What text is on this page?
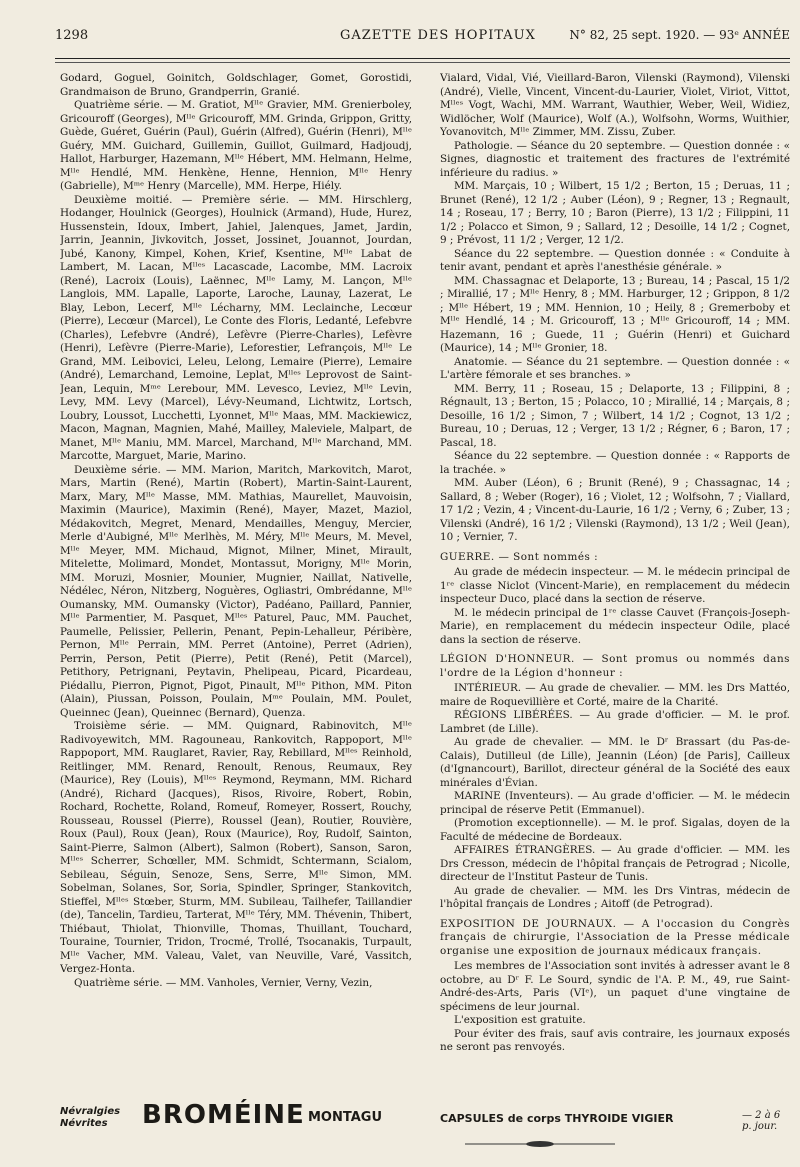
1298	GAZETTE DES HOPITAUX	N° 82, 25 sept. 1920. — 93ᵉ ANNÉE

Godard, Goguel, Goinitch, Goldschlager, Gomet, Gorostidi, Grandmaison de Bruno, Grandperrin, Granié.

Quatrième série. — M. Gratiot, Mˡˡᵉ Gravier, MM. Grenierboley, Gricouroff (Georges), Mˡˡᵉ Gricouroff, MM. Grinda, Grippon, Gritty, Guède, Guéret, Guérin (Paul), Guérin (Alfred), Guérin (Henri), Mˡˡᵉ Guéry, MM. Guichard, Guillemin, Guillot, Guilmard, Hadjoudj, Hallot, Harburger, Hazemann, Mˡˡᵉ Hébert, MM. Helmann, Helme, Mˡˡᵉ Hendlé, MM. Henkène, Henne, Hennion, Mˡˡᵉ Henry (Gabrielle), Mᵐᵉ Henry (Marcelle), MM. Herpe, Hiély.

Deuxième moitié. — Première série. — MM. Hirschlerg, Hodanger, Houlnick (Georges), Houlnick (Armand), Hude, Hurez, Hussenstein, Idoux, Imbert, Jahiel, Jalenques, Jamet, Jardin, Jarrin, Jeannin, Jivkovitch, Josset, Jossinet, Jouannot, Jourdan, Jubé, Kanony, Kimpel, Kohen, Krief, Ksentine, Mˡˡᵉ Labat de Lambert, M. Lacan, Mˡˡᵉˢ Lacascade, Lacombe, MM. Lacroix (René), Lacroix (Louis), Laënnec, Mˡˡᵉ Lamy, M. Lançon, Mˡˡᵉ Langlois, MM. Lapalle, Laporte, Laroche, Launay, Lazerat, Le Blay, Lebon, Lecerf, Mˡˡᵉ Lécharny, MM. Leclainche, Lecœur (Pierre), Lecœur (Marcel), Le Conte des Floris, Ledanté, Lefebvre (Charles), Lefebvre (André), Lefèvre (Pierre-Charles), Lefèvre (Henri), Lefèvre (Pierre-Marie), Leforestier, Lefrançois, Mˡˡᵉ Le Grand, MM. Leibovici, Leleu, Lelong, Lemaire (Pierre), Lemaire (André), Lemarchand, Lemoine, Leplat, Mˡˡᵉˢ Leprovost de Saint-Jean, Lequin, Mᵐᵉ Lerebour, MM. Levesco, Leviez, Mˡˡᵉ Levin, Levy, MM. Levy (Marcel), Lévy-Neumand, Lichtwitz, Lortsch, Loubry, Loussot, Lucchetti, Lyonnet, Mˡˡᵉ Maas, MM. Mackiewicz, Macon, Magnan, Magnien, Mahé, Mailley, Maleviele, Malpart, de Manet, Mˡˡᵉ Maniu, MM. Marcel, Marchand, Mˡˡᵉ Marchand, MM. Marcotte, Marguet, Marie, Marino.

Deuxième série. — MM. Marion, Maritch, Markovitch, Marot, Mars, Martin (René), Martin (Robert), Martin-Saint-Laurent, Marx, Mary, Mˡˡᵉ Masse, MM. Mathias, Maurellet, Mauvoisin, Maximin (Maurice), Maximin (René), Mayer, Mazet, Maziol, Médakovitch, Megret, Menard, Mendailles, Menguy, Mercier, Merle d'Aubigné, Mˡˡᵉ Merlhès, M. Méry, Mˡˡᵉ Meurs, M. Mevel, Mˡˡᵉ Meyer, MM. Michaud, Mignot, Milner, Minet, Mirault, Mitelette, Molimard, Mondet, Montassut, Morigny, Mˡˡᵉ Morin, MM. Moruzi, Mosnier, Mounier, Mugnier, Naillat, Nativelle, Nédélec, Néron, Nitzberg, Noguères, Ogliastri, Ombrédanne, Mˡˡᵉ Oumansky, MM. Oumansky (Victor), Padéano, Paillard, Pannier, Mˡˡᵉ Parmentier, M. Pasquet, Mˡˡᵉˢ Paturel, Pauc, MM. Pauchet, Paumelle, Pelissier, Pellerin, Penant, Pepin-Lehalleur, Péribère, Pernon, Mˡˡᵉ Perrain, MM. Perret (Antoine), Perret (Adrien), Perrin, Person, Petit (Pierre), Petit (René), Petit (Marcel), Petithory, Petrignani, Peytavin, Phelipeau, Picard, Picardeau, Piédallu, Pierron, Pignot, Pigot, Pinault, Mˡˡᵉ Pithon, MM. Piton (Alain), Piussan, Poisson, Poulain, Mᵐᵉ Poulain, MM. Poulet, Queinnec (Jean), Queinnec (Bernard), Quenza.

Troisième série. — MM. Quignard, Rabinovitch, Mˡˡᵉ Radivoyewitch, MM. Ragouneau, Rankovitch, Rappoport, Mˡˡᵉ Rappoport, MM. Rauglaret, Ravier, Ray, Rebillard, Mˡˡᵉˢ Reinhold, Reitlinger, MM. Renard, Renoult, Renous, Reumaux, Rey (Maurice), Rey (Louis), Mˡˡᵉˢ Reymond, Reymann, MM. Richard (André), Richard (Jacques), Risos, Rivoire, Robert, Robin, Rochard, Rochette, Roland, Romeuf, Romeyer, Rossert, Rouchy, Rousseau, Roussel (Pierre), Roussel (Jean), Routier, Rouvière, Roux (Paul), Roux (Jean), Roux (Maurice), Roy, Rudolf, Sainton, Saint-Pierre, Salmon (Albert), Salmon (Robert), Sanson, Saron, Mˡˡᵉˢ Scherrer, Schœller, MM. Schmidt, Schtermann, Scialom, Sebileau, Séguin, Senoze, Sens, Serre, Mˡˡᵉ Simon, MM. Sobelman, Solanes, Sor, Soria, Spindler, Springer, Stankovitch, Stieffel, Mˡˡᵉˢ Stœber, Sturm, MM. Subileau, Tailhefer, Taillandier (de), Tancelin, Tardieu, Tarterat, Mˡˡᵉ Téry, MM. Thévenin, Thibert, Thiébaut, Thiolat, Thionville, Thomas, Thuillant, Touchard, Touraine, Tournier, Tridon, Trocmé, Trollé, Tsocanakis, Turpault, Mˡˡᵉ Vacher, MM. Valeau, Valet, van Neuville, Varé, Vassitch, Vergez-Honta.

Quatrième série. — MM. Vanholes, Vernier, Verny, Vezin,

Vialard, Vidal, Vié, Vieillard-Baron, Vilenski (Raymond), Vilenski (André), Vielle, Vincent, Vincent-du-Laurier, Violet, Viriot, Vittot, Mˡˡᵉˢ Vogt, Wachi, MM. Warrant, Wauthier, Weber, Weil, Widiez, Widlöcher, Wolf (Maurice), Wolf (A.), Wolfsohn, Worms, Wuithier, Yovanovitch, Mˡˡᵉ Zimmer, MM. Zissu, Zuber.

Pathologie. — Séance du 20 septembre. — Question donnée : « Signes, diagnostic et traitement des fractures de l'extrémité inférieure du radius. »

MM. Marçais, 10 ; Wilbert, 15 1/2 ; Berton, 15 ; Deruas, 11 ; Brunet (René), 12 1/2 ; Auber (Léon), 9 ; Regner, 13 ; Regnault, 14 ; Roseau, 17 ; Berry, 10 ; Baron (Pierre), 13 1/2 ; Filippini, 11 1/2 ; Polacco et Simon, 9 ; Sallard, 12 ; Desoille, 14 1/2 ; Cognet, 9 ; Prévost, 11 1/2 ; Verger, 12 1/2.

Séance du 22 septembre. — Question donnée : « Conduite à tenir avant, pendant et après l'anesthésie générale. »

MM. Chassagnac et Delaporte, 13 ; Bureau, 14 ; Pascal, 15 1/2 ; Mirallié, 17 ; Mˡˡᵉ Henry, 8 ; MM. Harburger, 12 ; Grippon, 8 1/2 ; Mˡˡᵉ Hébert, 19 ; MM. Hennion, 10 ; Heily, 8 ; Gremerboby et Mˡˡᵉ Hendlé, 14 ; M. Gricouroff, 13 ; Mˡˡᵉ Gricouroff, 14 ; MM. Hazemann, 16 ; Guede, 11 ; Guérin (Henri) et Guichard (Maurice), 14 ; Mˡˡᵉ Gronier, 18.

Anatomie. — Séance du 21 septembre. — Question donnée : « L'artère fémorale et ses branches. »

MM. Berry, 11 ; Roseau, 15 ; Delaporte, 13 ; Filippini, 8 ; Régnault, 13 ; Berton, 15 ; Polacco, 10 ; Mirallié, 14 ; Marçais, 8 ; Desoille, 16 1/2 ; Simon, 7 ; Wilbert, 14 1/2 ; Cognot, 13 1/2 ; Bureau, 10 ; Deruas, 12 ; Verger, 13 1/2 ; Régner, 6 ; Baron, 17 ; Pascal, 18.

Séance du 22 septembre. — Question donnée : « Rapports de la trachée. »

MM. Auber (Léon), 6 ; Brunit (René), 9 ; Chassagnac, 14 ; Sallard, 8 ; Weber (Roger), 16 ; Violet, 12 ; Wolfsohn, 7 ; Viallard, 17 1/2 ; Vezin, 4 ; Vincent-du-Laurie, 16 1/2 ; Verny, 6 ; Zuber, 13 ; Vilenski (André), 16 1/2 ; Vilenski (Raymond), 13 1/2 ; Weil (Jean), 10 ; Vernier, 7.

GUERRE. — Sont nommés :

Au grade de médecin inspecteur. — M. le médecin principal de 1ʳᵉ classe Niclot (Vincent-Marie), en remplacement du médecin inspecteur Duco, placé dans la section de réserve.

M. le médecin principal de 1ʳᵉ classe Cauvet (François-Joseph-Marie), en remplacement du médecin inspecteur Odile, placé dans la section de réserve.

LÉGION D'HONNEUR. — Sont promus ou nommés dans l'ordre de la Légion d'honneur :

INTÉRIEUR. — Au grade de chevalier. — MM. les Drs Mattéo, maire de Roquevillière et Corté, maire de la Charité.

RÉGIONS LIBÉRÉES. — Au grade d'officier. — M. le prof. Lambret (de Lille).

Au grade de chevalier. — MM. le Dʳ Brassart (du Pas-de-Calais), Dutilleul (de Lille), Jeannin (Léon) [de Paris], Cailleux (d'Ignancourt), Barillot, directeur général de la Société des eaux minérales d'Évian.

MARINE (Inventeurs). — Au grade d'officier. — M. le médecin principal de réserve Petit (Emmanuel).

(Promotion exceptionnelle). — M. le prof. Sigalas, doyen de la Faculté de médecine de Bordeaux.

AFFAIRES ÉTRANGÈRES. — Au grade d'officier. — MM. les Drs Cresson, médecin de l'hôpital français de Petrograd ; Nicolle, directeur de l'Institut Pasteur de Tunis.

Au grade de chevalier. — MM. les Drs Vintras, médecin de l'hôpital français de Londres ; Aitoff (de Petrograd).

EXPOSITION DE JOURNAUX. — A l'occasion du Congrès français de chirurgie, l'Association de la Presse médicale organise une exposition de journaux médicaux français.

Les membres de l'Association sont invités à adresser avant le 8 octobre, au Dʳ F. Le Sourd, syndic de l'A. P. M., 49, rue Saint-André-des-Arts, Paris (VIᵉ), un paquet d'une vingtaine de spécimens de leur journal.

L'exposition est gratuite.

Pour éviter des frais, sauf avis contraire, les journaux exposés ne seront pas renvoyés.

Névralgies
Névrites	BROMÉINE MONTAGU	CAPSULES de corps THYROIDE VIGIER	— 2 à 6 p. jour.
